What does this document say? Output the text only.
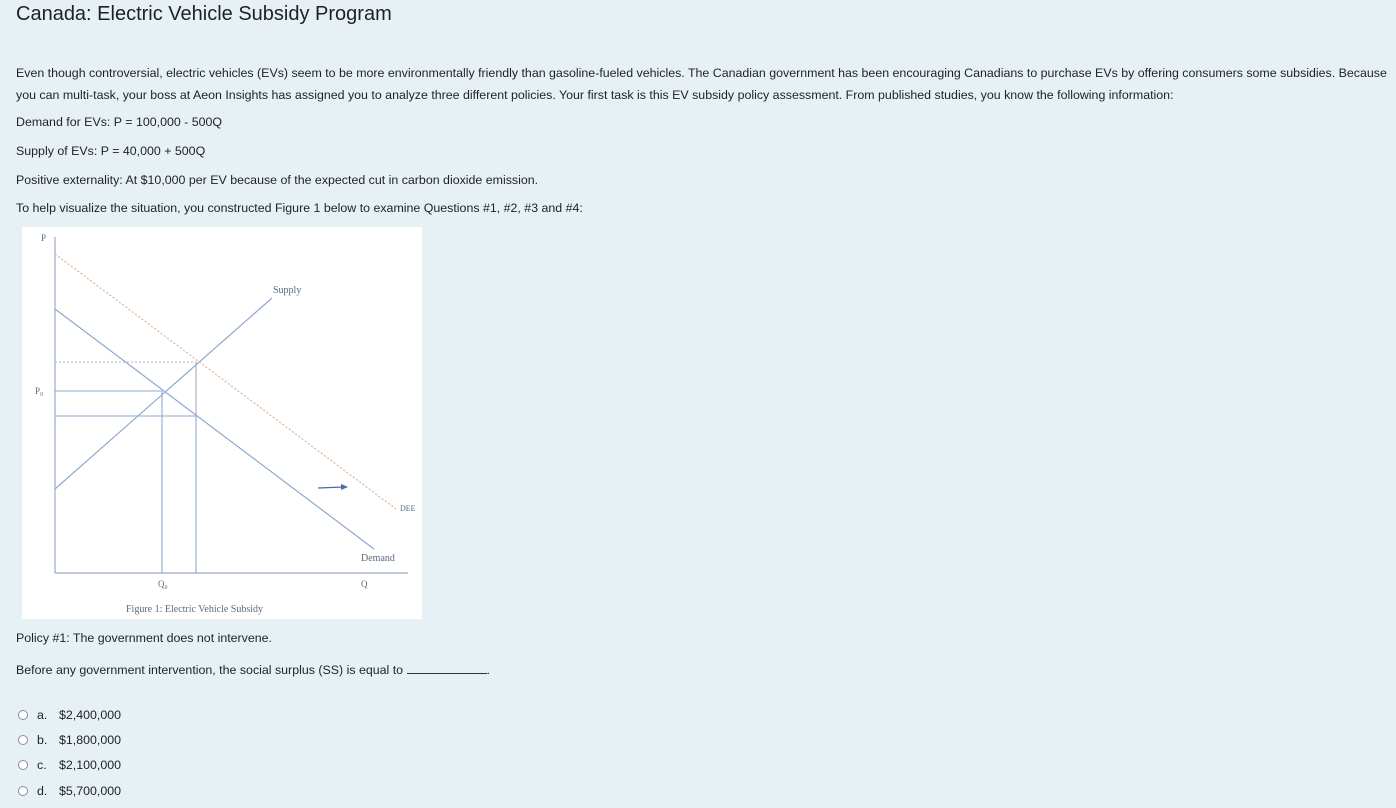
Canada: Electric Vehicle Subsidy Program

Even though controversial, electric vehicles (EVs) seem to be more environmentally friendly than gasoline-fueled vehicles. The Canadian government has been encouraging Canadians to purchase EVs by offering consumers some subsidies. Because you can multi-task, your boss at Aeon Insights has assigned you to analyze three different policies. Your first task is this EV subsidy policy assessment. From published studies, you know the following information:

Demand for EVs: P = 100,000 - 500Q

Supply of EVs: P = 40,000 + 500Q

Positive externality: At $10,000 per EV because of the expected cut in carbon dioxide emission.

To help visualize the situation, you constructed Figure 1 below to examine Questions #1, #2, #3 and #4:

P
P₀
Q₀	Q
Supply
Demand
DEE
Figure 1: Electric Vehicle Subsidy

Policy #1: The government does not intervene.

Before any government intervention, the social surplus (SS) is equal to	.

a. $2,400,000
b. $1,800,000
c. $2,100,000
d. $5,700,000
